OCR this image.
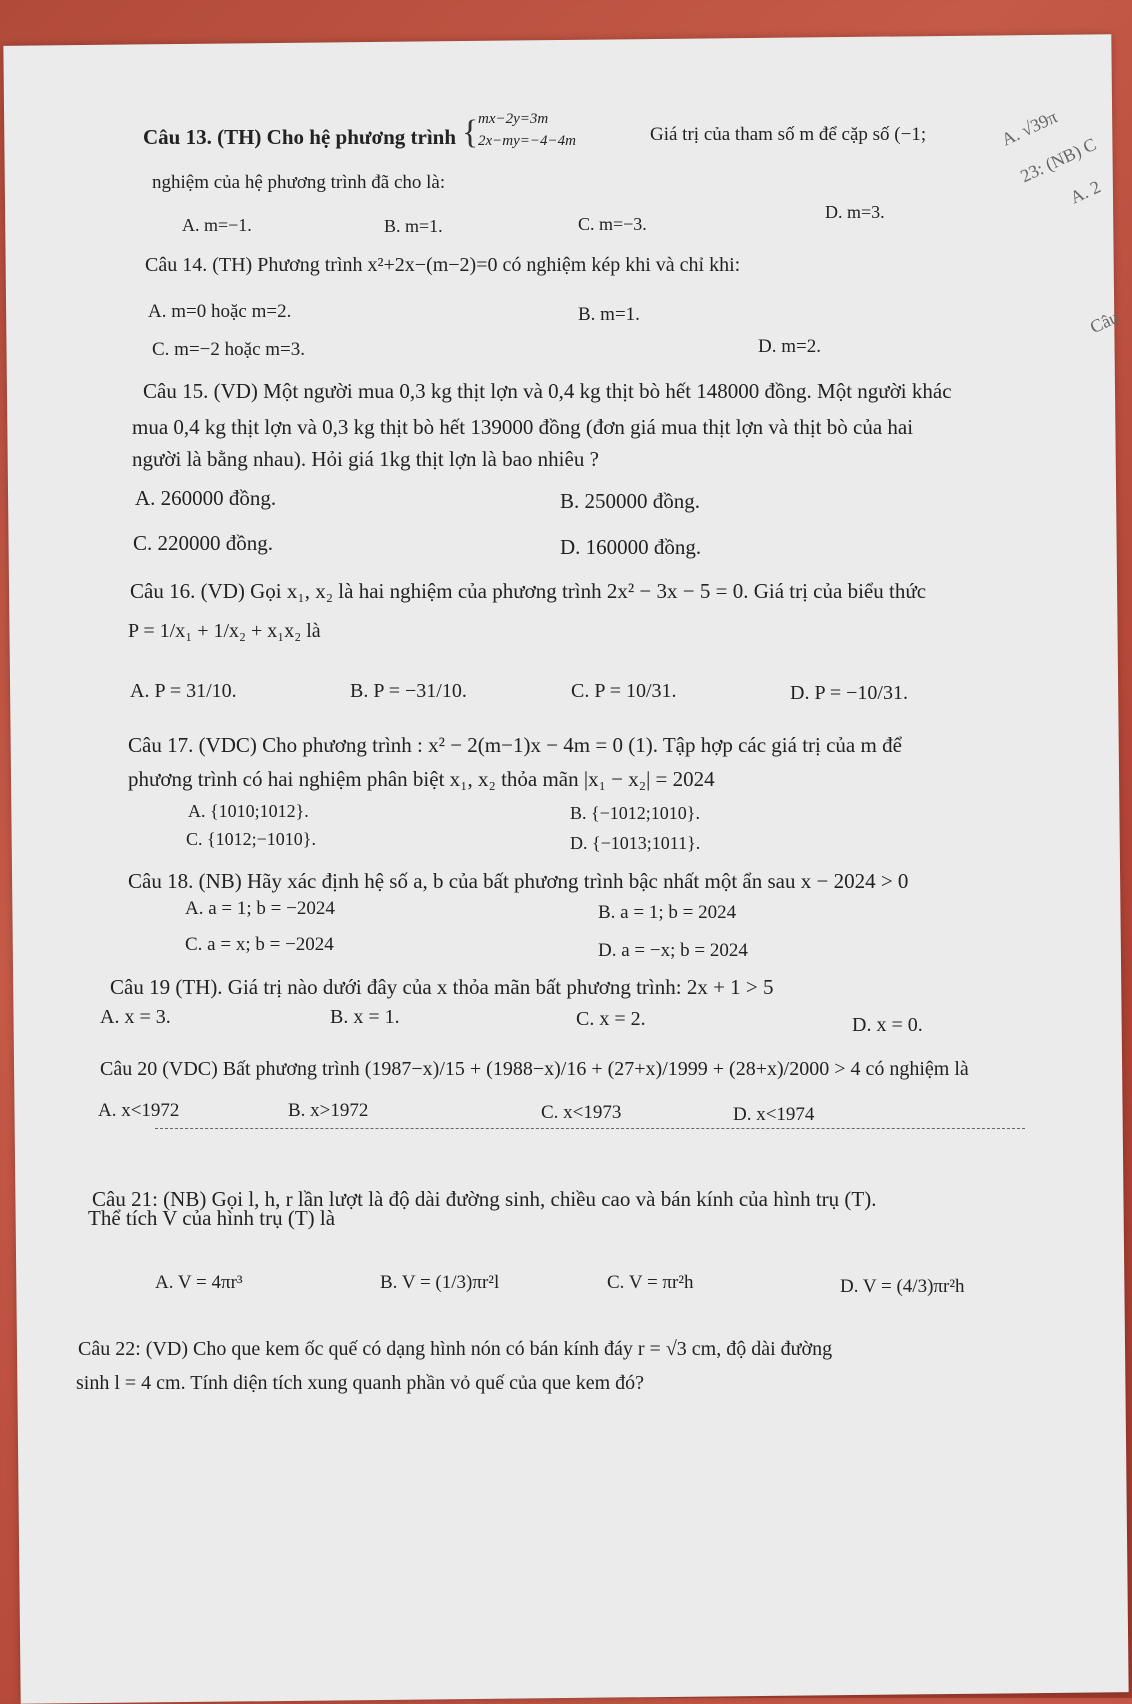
Câu 13. (TH) Cho hệ phương trình { mx−2y=3m
2x−my=−4−4m	Giá trị của tham số m để cặp số (−1;
nghiệm của hệ phương trình đã cho là:
A. m=−1.	B. m=1.	C. m=−3.
D. m=3.
Câu 14. (TH) Phương trình x²+2x−(m−2)=0 có nghiệm kép khi và chỉ khi:
A. m=0 hoặc m=2.	B. m=1.
C. m=−2 hoặc m=3.	D. m=2.
Câu 15. (VD) Một người mua 0,3 kg thịt lợn và 0,4 kg thịt bò hết 148000 đồng. Một người khác
mua 0,4 kg thịt lợn và 0,3 kg thịt bò hết 139000 đồng (đơn giá mua thịt lợn và thịt bò của hai
người là bằng nhau). Hỏi giá 1kg thịt lợn là bao nhiêu ?
A. 260000 đồng.	B. 250000 đồng.
C. 220000 đồng.	D. 160000 đồng.
Câu 16. (VD) Gọi x₁, x₂ là hai nghiệm của phương trình 2x² − 3x − 5 = 0. Giá trị của biểu thức
P = 1/x₁ + 1/x₂ + x₁x₂ là
A. P = 31/10.	B. P = −31/10.	C. P = 10/31.	D. P = −10/31.
Câu 17. (VDC) Cho phương trình : x² − 2(m−1)x − 4m = 0 (1). Tập hợp các giá trị của m để
phương trình có hai nghiệm phân biệt x₁, x₂ thỏa mãn |x₁ − x₂| = 2024
A. {1010;1012}.	B. {−1012;1010}.
C. {1012;−1010}.	D. {−1013;1011}.
Câu 18. (NB) Hãy xác định hệ số a, b của bất phương trình bậc nhất một ẩn sau x − 2024 > 0
A. a = 1; b = −2024	B. a = 1; b = 2024
C. a = x; b = −2024	D. a = −x; b = 2024
Câu 19 (TH). Giá trị nào dưới đây của x thỏa mãn bất phương trình: 2x + 1 > 5
A. x = 3.	B. x = 1.	C. x = 2.	D. x = 0.
Câu 20 (VDC) Bất phương trình (1987−x)/15 + (1988−x)/16 + (27+x)/1999 + (28+x)/2000 > 4 có nghiệm là
A. x<1972	B. x>1972	C. x<1973	D. x<1974
Câu 21: (NB) Gọi l, h, r lần lượt là độ dài đường sinh, chiều cao và bán kính của hình trụ (T).
Thể tích V của hình trụ (T) là
A. V = 4πr³	B. V = (1/3)πr²l	C. V = πr²h	D. V = (4/3)πr²h
Câu 22: (VD) Cho que kem ốc quế có dạng hình nón có bán kính đáy r = √3 cm, độ dài đường
sinh l = 4 cm. Tính diện tích xung quanh phần vỏ quế của que kem đó?
A. √39π
23: (NB) C
A. 2
Câu
